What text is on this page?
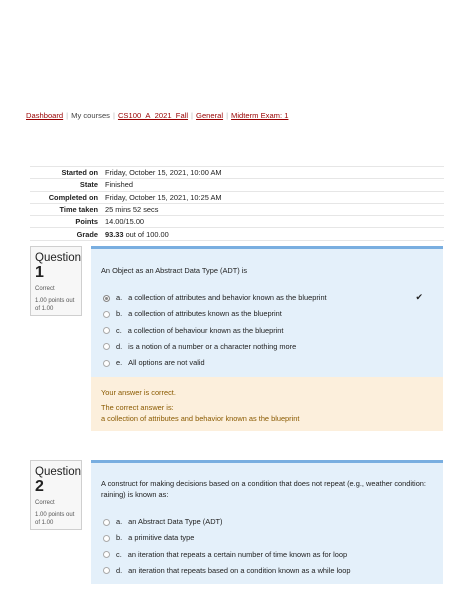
Dashboard | My courses | CS100_A_2021_Fall | General | Midterm Exam: 1
Started on	Friday, October 15, 2021, 10:00 AM
State	Finished
Completed on	Friday, October 15, 2021, 10:25 AM
Time taken	25 mins 52 secs
Points	14.00/15.00
Grade	93.33 out of 100.00
Question
1
Correct
1.00 points out of 1.00
An Object as an Abstract Data Type (ADT) is
a. a collection of attributes and behavior known as the blueprint	✔
b. a collection of attributes known as the blueprint
c. a collection of behaviour known as the blueprint
d. is a notion of a number or a character nothing more
e. All options are not valid
Your answer is correct.
The correct answer is:
a collection of attributes and behavior known as the blueprint
Question
2
Correct
1.00 points out of 1.00
A construct for making decisions based on a condition that does not repeat (e.g., weather condition: raining) is known as:
a. an Abstract Data Type (ADT)
b. a primitive data type
c. an iteration that repeats a certain number of time known as for loop
d. an iteration that repeats based on a condition known as a while loop
